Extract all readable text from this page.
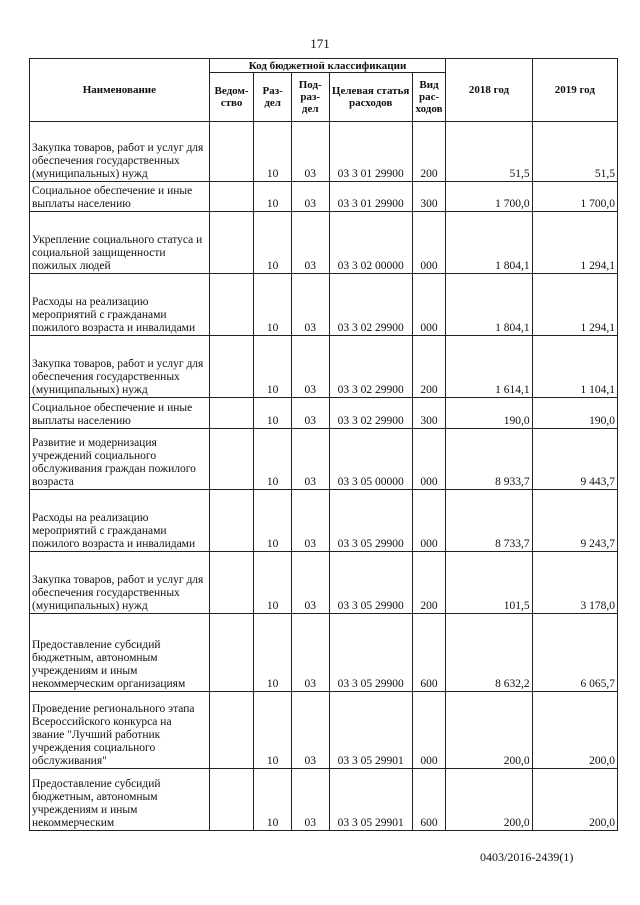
171
Наименование	Код бюджетной классификации					2018 год	2019 год
	Ведом-ство	Раз-дел	Под-раз-дел	Целевая статья расходов	Вид рас-ходов		
Закупка товаров, работ и услуг для обеспечения государственных (муниципальных) нужд		10	03	03 3 01 29900	200	51,5	51,5
Социальное обеспечение и иные выплаты населению		10	03	03 3 01 29900	300	1 700,0	1 700,0
Укрепление социального статуса и социальной защищенности пожилых людей		10	03	03 3 02 00000	000	1 804,1	1 294,1
Расходы на реализацию мероприятий с гражданами пожилого возраста и инвалидами		10	03	03 3 02 29900	000	1 804,1	1 294,1
Закупка товаров, работ и услуг для обеспечения государственных (муниципальных) нужд		10	03	03 3 02 29900	200	1 614,1	1 104,1
Социальное обеспечение и иные выплаты населению		10	03	03 3 02 29900	300	190,0	190,0
Развитие и модернизация учреждений социального обслуживания граждан пожилого возраста		10	03	03 3 05 00000	000	8 933,7	9 443,7
Расходы на реализацию мероприятий с гражданами пожилого возраста и инвалидами		10	03	03 3 05 29900	000	8 733,7	9 243,7
Закупка товаров, работ и услуг для обеспечения государственных (муниципальных) нужд		10	03	03 3 05 29900	200	101,5	3 178,0
Предоставление субсидий бюджетным, автономным учреждениям и иным некоммерческим организациям		10	03	03 3 05 29900	600	8 632,2	6 065,7
Проведение регионального этапа Всероссийского конкурса на звание "Лучший работник учреждения социального обслуживания"		10	03	03 3 05 29901	000	200,0	200,0
Предоставление субсидий бюджетным, автономным учреждениям и иным некоммерческим		10	03	03 3 05 29901	600	200,0	200,0
0403/2016-2439(1)
